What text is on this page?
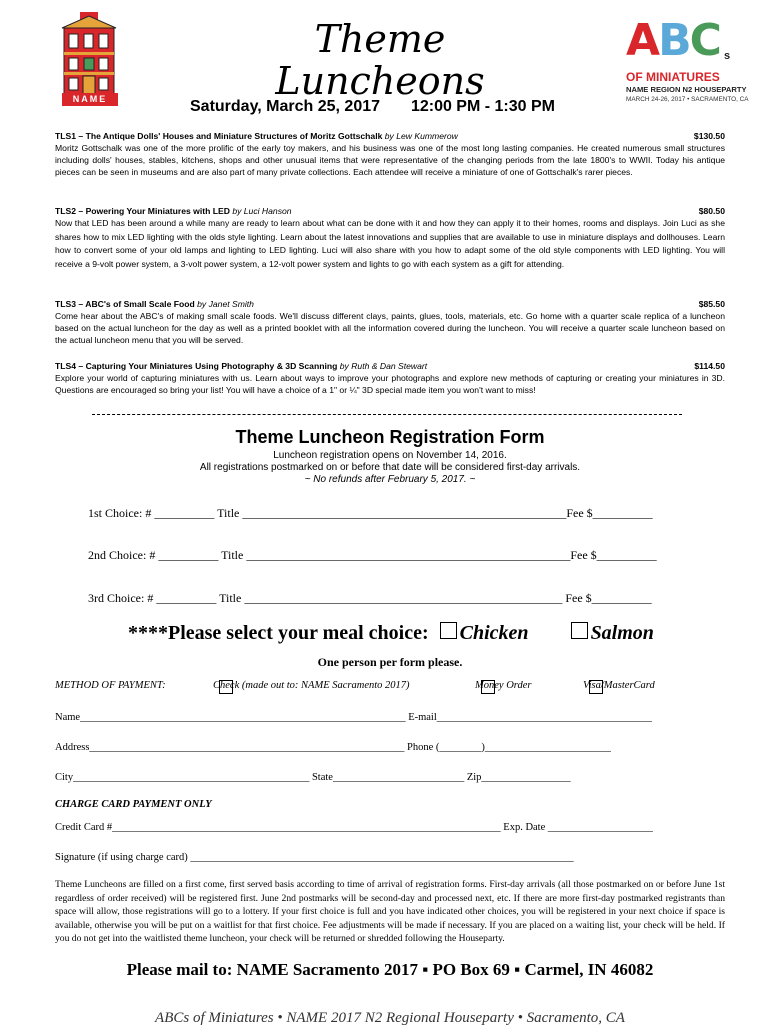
NAME
Theme
Luncheons
Saturday, March 25, 2017 12:00 PM - 1:30 PM
ABC s
OF MINIATURES
NAME REGION N2 HOUSEPARTY
MARCH 24-26, 2017 • SACRAMENTO, CA
TLS1 – The Antique Dolls' Houses and Miniature Structures of Moritz Gottschalk by Lew Kummerow	$130.50

Moritz Gottschalk was one of the more prolific of the early toy makers, and his business was one of the most long lasting companies. He created numerous small structures including dolls' houses, stables, kitchens, shops and other unusual items that were representative of the changing periods from the late 1800's to WWII. Today his antique pieces can be seen in museums and are also part of many private collections. Each attendee will receive a miniature of one of Gottschalk's rarer pieces.

TLS2 – Powering Your Miniatures with LED by Luci Hanson	$80.50

Now that LED has been around a while many are ready to learn about what can be done with it and how they can apply it to their homes, rooms and displays. Join Luci as she shares how to mix LED lighting with the olds style lighting. Learn about the latest innovations and supplies that are available to use in miniature displays and dollhouses. Learn how to convert some of your old lamps and lighting to LED lighting. Luci will also share with you how to adapt some of the old style components with LED lighting. You will receive a 9-volt power system, a 3-volt power system, a 12-volt power system and lights to go with each system as a gift for attending.

TLS3 – ABC's of Small Scale Food by Janet Smith	$85.50

Come hear about the ABC's of making small scale foods. We'll discuss different clays, paints, glues, tools, materials, etc. Go home with a quarter scale replica of a luncheon based on the actual luncheon for the day as well as a printed booklet with all the information covered during the luncheon. You will receive a quarter scale luncheon based on the actual luncheon menu that you will be served.

TLS4 – Capturing Your Miniatures Using Photography & 3D Scanning by Ruth & Dan Stewart	$114.50

Explore your world of capturing miniatures with us. Learn about ways to improve your photographs and explore new methods of capturing or creating your miniatures in 3D. Questions are encouraged so bring your list! You will have a choice of a 1" or ¼" 3D special made item you won't want to miss!

Theme Luncheon Registration Form
Luncheon registration opens on November 14, 2016.
All registrations postmarked on or before that date will be considered first-day arrivals.
~ No refunds after February 5, 2017. ~
1st Choice: # __________ Title ______________________________________________________Fee $__________
2nd Choice: # __________ Title ______________________________________________________Fee $__________
3rd Choice: # __________ Title _____________________________________________________ Fee $__________
****Please select your meal choice: Chicken	Salmon
One person per form please.
METHOD OF PAYMENT:	Check (made out to: NAME Sacramento 2017)	Money Order	Visa/MasterCard
Name______________________________________________________________ E-mail_________________________________________
Address____________________________________________________________ Phone (________)________________________
City_____________________________________________ State_________________________ Zip_________________
CHARGE CARD PAYMENT ONLY
Credit Card #__________________________________________________________________________ Exp. Date ____________________
Signature (if using charge card) _________________________________________________________________________
Theme Luncheons are filled on a first come, first served basis according to time of arrival of registration forms. First-day arrivals (all those postmarked on or before June 1st regardless of order received) will be registered first. June 2nd postmarks will be second-day and processed next, etc. If there are more first-day postmarked registrants than space will allow, those registrations will go to a lottery. If your first choice is full and you have indicated other choices, you will be registered in your next choice if space is available, otherwise you will be put on a waitlist for that first choice. Fee adjustments will be made if necessary. If you are placed on a waiting list, your check will be held. If you do not get into the waitlisted theme luncheon, your check will be returned or shredded following the Houseparty.
Please mail to: NAME Sacramento 2017 ▪ PO Box 69 ▪ Carmel, IN 46082
ABCs of Miniatures • NAME 2017 N2 Regional Houseparty • Sacramento, CA
